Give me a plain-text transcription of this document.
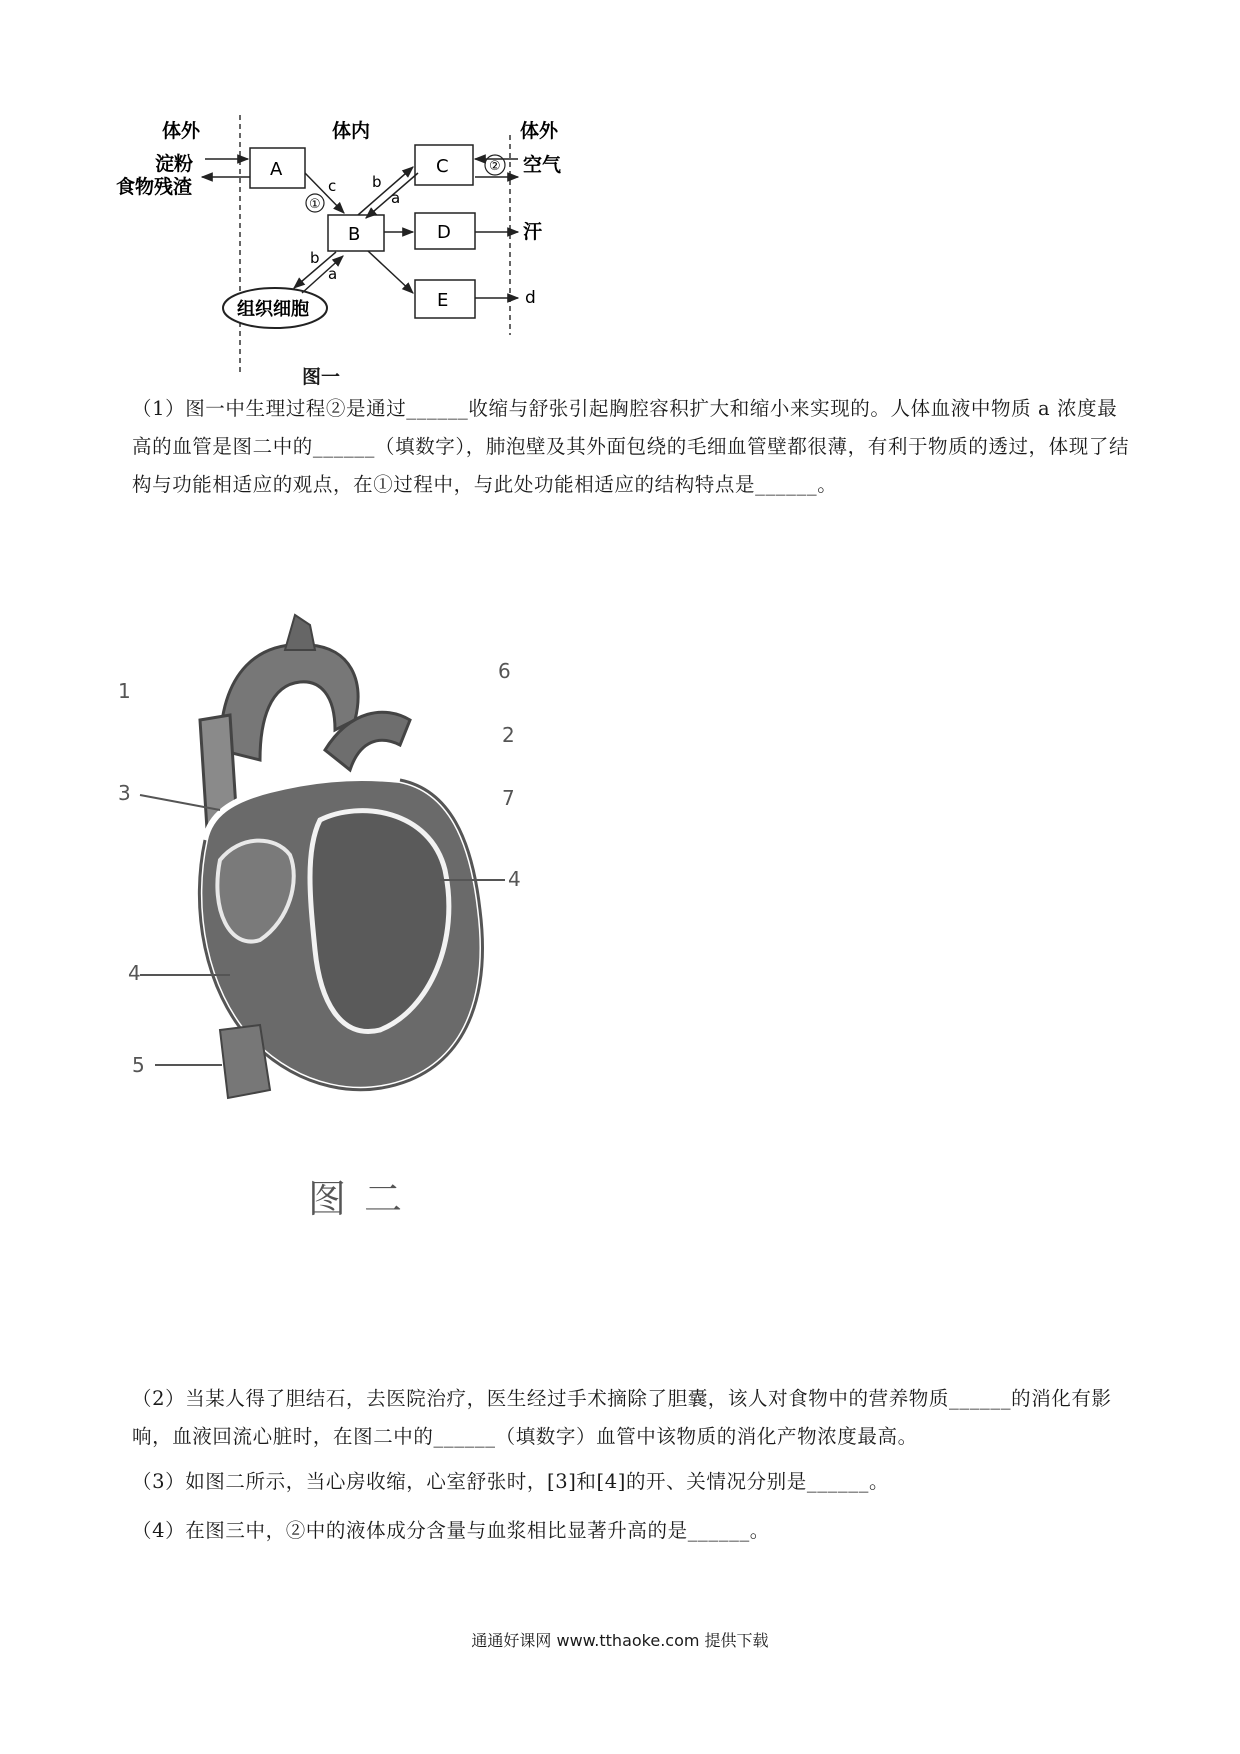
体外	体内	体外
淀粉
食物残渣
A	C
B	D
E
组织细胞
c
①
b
a
② 空气
汗
d
b
a
图一
（1）图一中生理过程②是通过______收缩与舒张引起胸腔容积扩大和缩小来实现的。人体血液中物质 a 浓度最高的血管是图二中的______（填数字），肺泡壁及其外面包绕的毛细血管壁都很薄，有利于物质的透过，体现了结构与功能相适应的观点，在①过程中，与此处功能相适应的结构特点是______。
1
2
3
4
4
5
6
7
图二
（2）当某人得了胆结石，去医院治疗，医生经过手术摘除了胆囊，该人对食物中的营养物质______的消化有影响，血液回流心脏时，在图二中的______（填数字）血管中该物质的消化产物浓度最高。
（3）如图二所示，当心房收缩，心室舒张时，[3]和[4]的开、关情况分别是______。
（4）在图三中，②中的液体成分含量与血浆相比显著升高的是______。
通通好课网 www.tthaoke.com 提供下载
